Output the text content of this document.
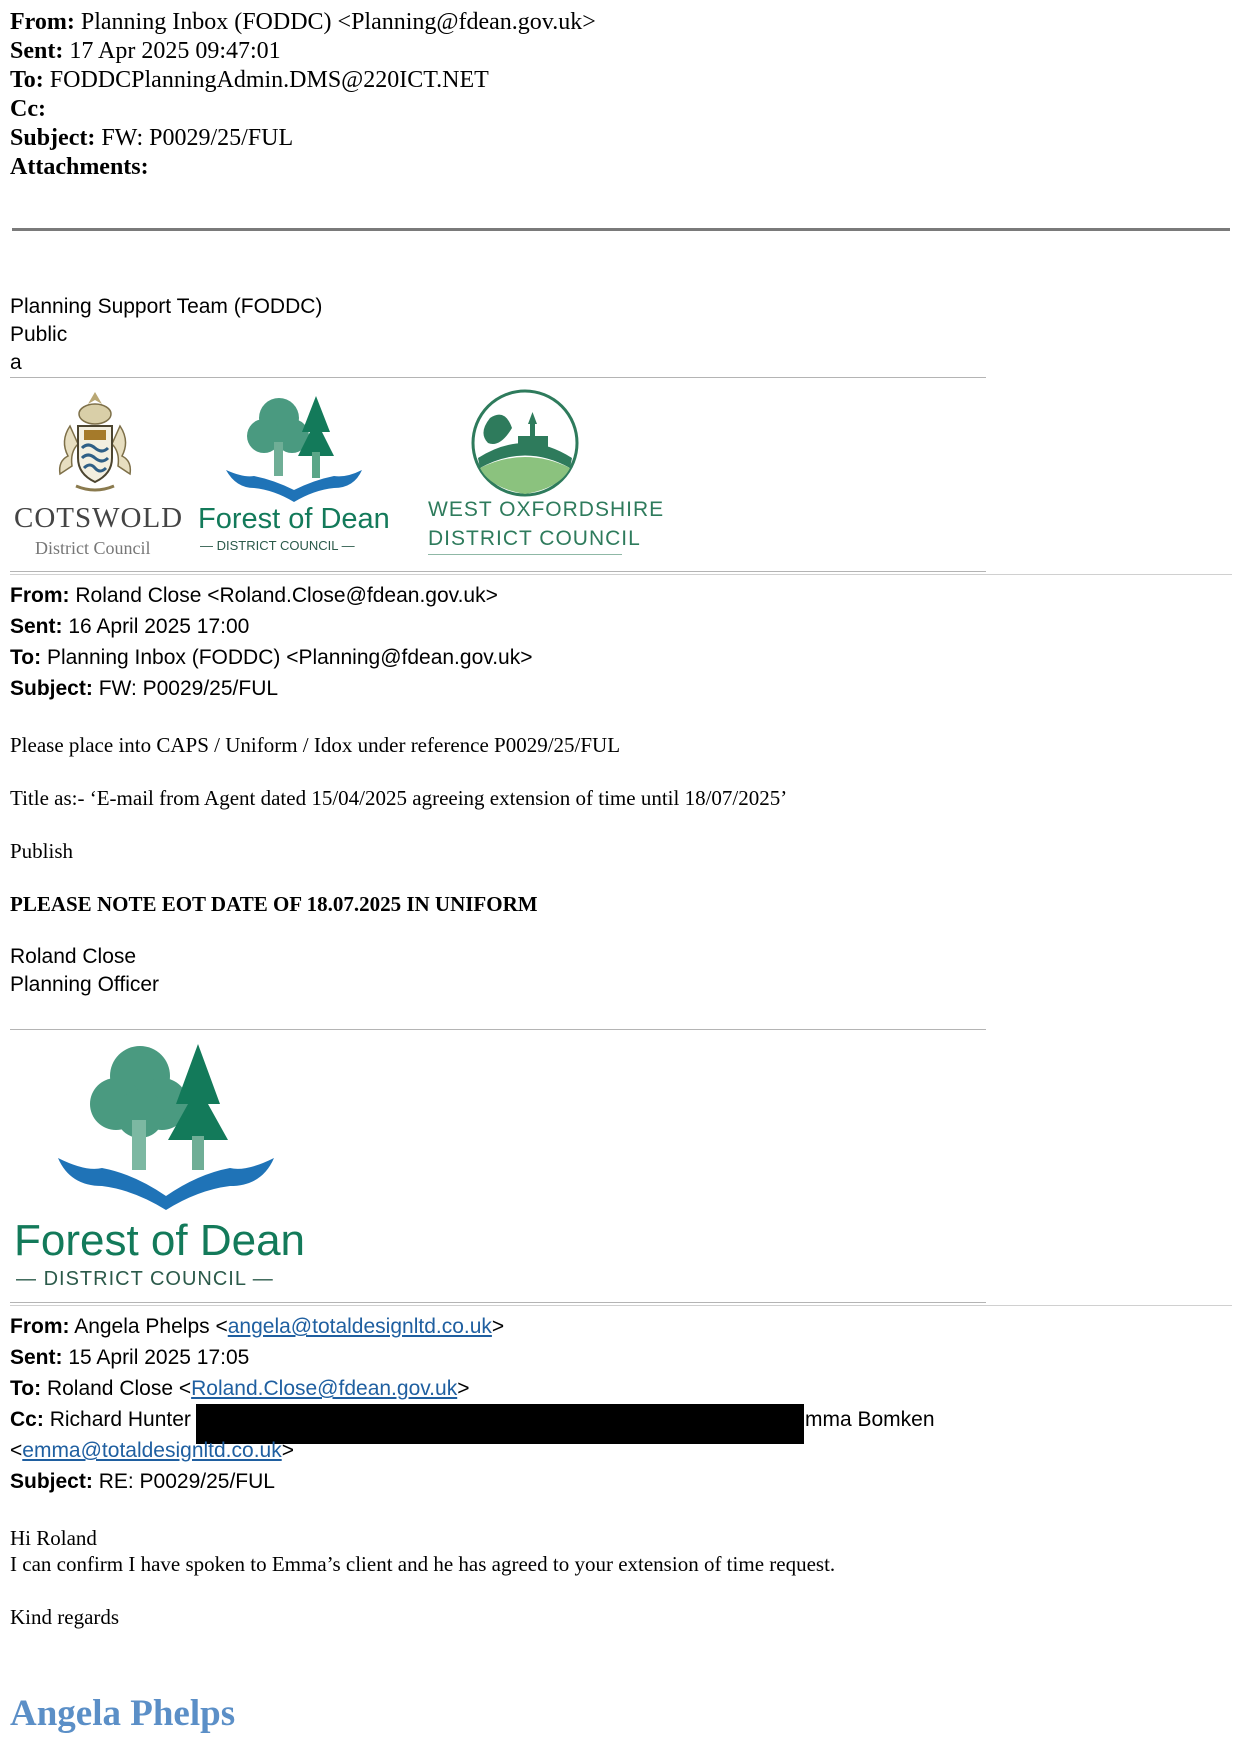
From: Planning Inbox (FODDC) <Planning@fdean.gov.uk>
Sent: 17 Apr 2025 09:47:01
To: FODDCPlanningAdmin.DMS@220ICT.NET
Cc:
Subject: FW: P0029/25/FUL
Attachments:
Planning Support Team (FODDC)
Public
a
COTSWOLD
District Council
Forest of Dean
— DISTRICT COUNCIL —
WEST OXFORDSHIRE
DISTRICT COUNCIL
From: Roland Close <Roland.Close@fdean.gov.uk>
Sent: 16 April 2025 17:00
To: Planning Inbox (FODDC) <Planning@fdean.gov.uk>
Subject: FW: P0029/25/FUL
Please place into CAPS / Uniform / Idox under reference P0029/25/FUL
Title as:- ‘E-mail from Agent dated 15/04/2025 agreeing extension of time until 18/07/2025’
Publish
PLEASE NOTE EOT DATE OF 18.07.2025 IN UNIFORM
Roland Close
Planning Officer
Forest of Dean
— DISTRICT COUNCIL —
From: Angela Phelps <angela@totaldesignltd.co.uk>
Sent: 15 April 2025 17:05
To: Roland Close <Roland.Close@fdean.gov.uk>
Cc: Richard Hunter	mma Bomken
<emma@totaldesignltd.co.uk>
Subject: RE: P0029/25/FUL
Hi Roland
I can confirm I have spoken to Emma’s client and he has agreed to your extension of time request.
Kind regards
Angela Phelps
